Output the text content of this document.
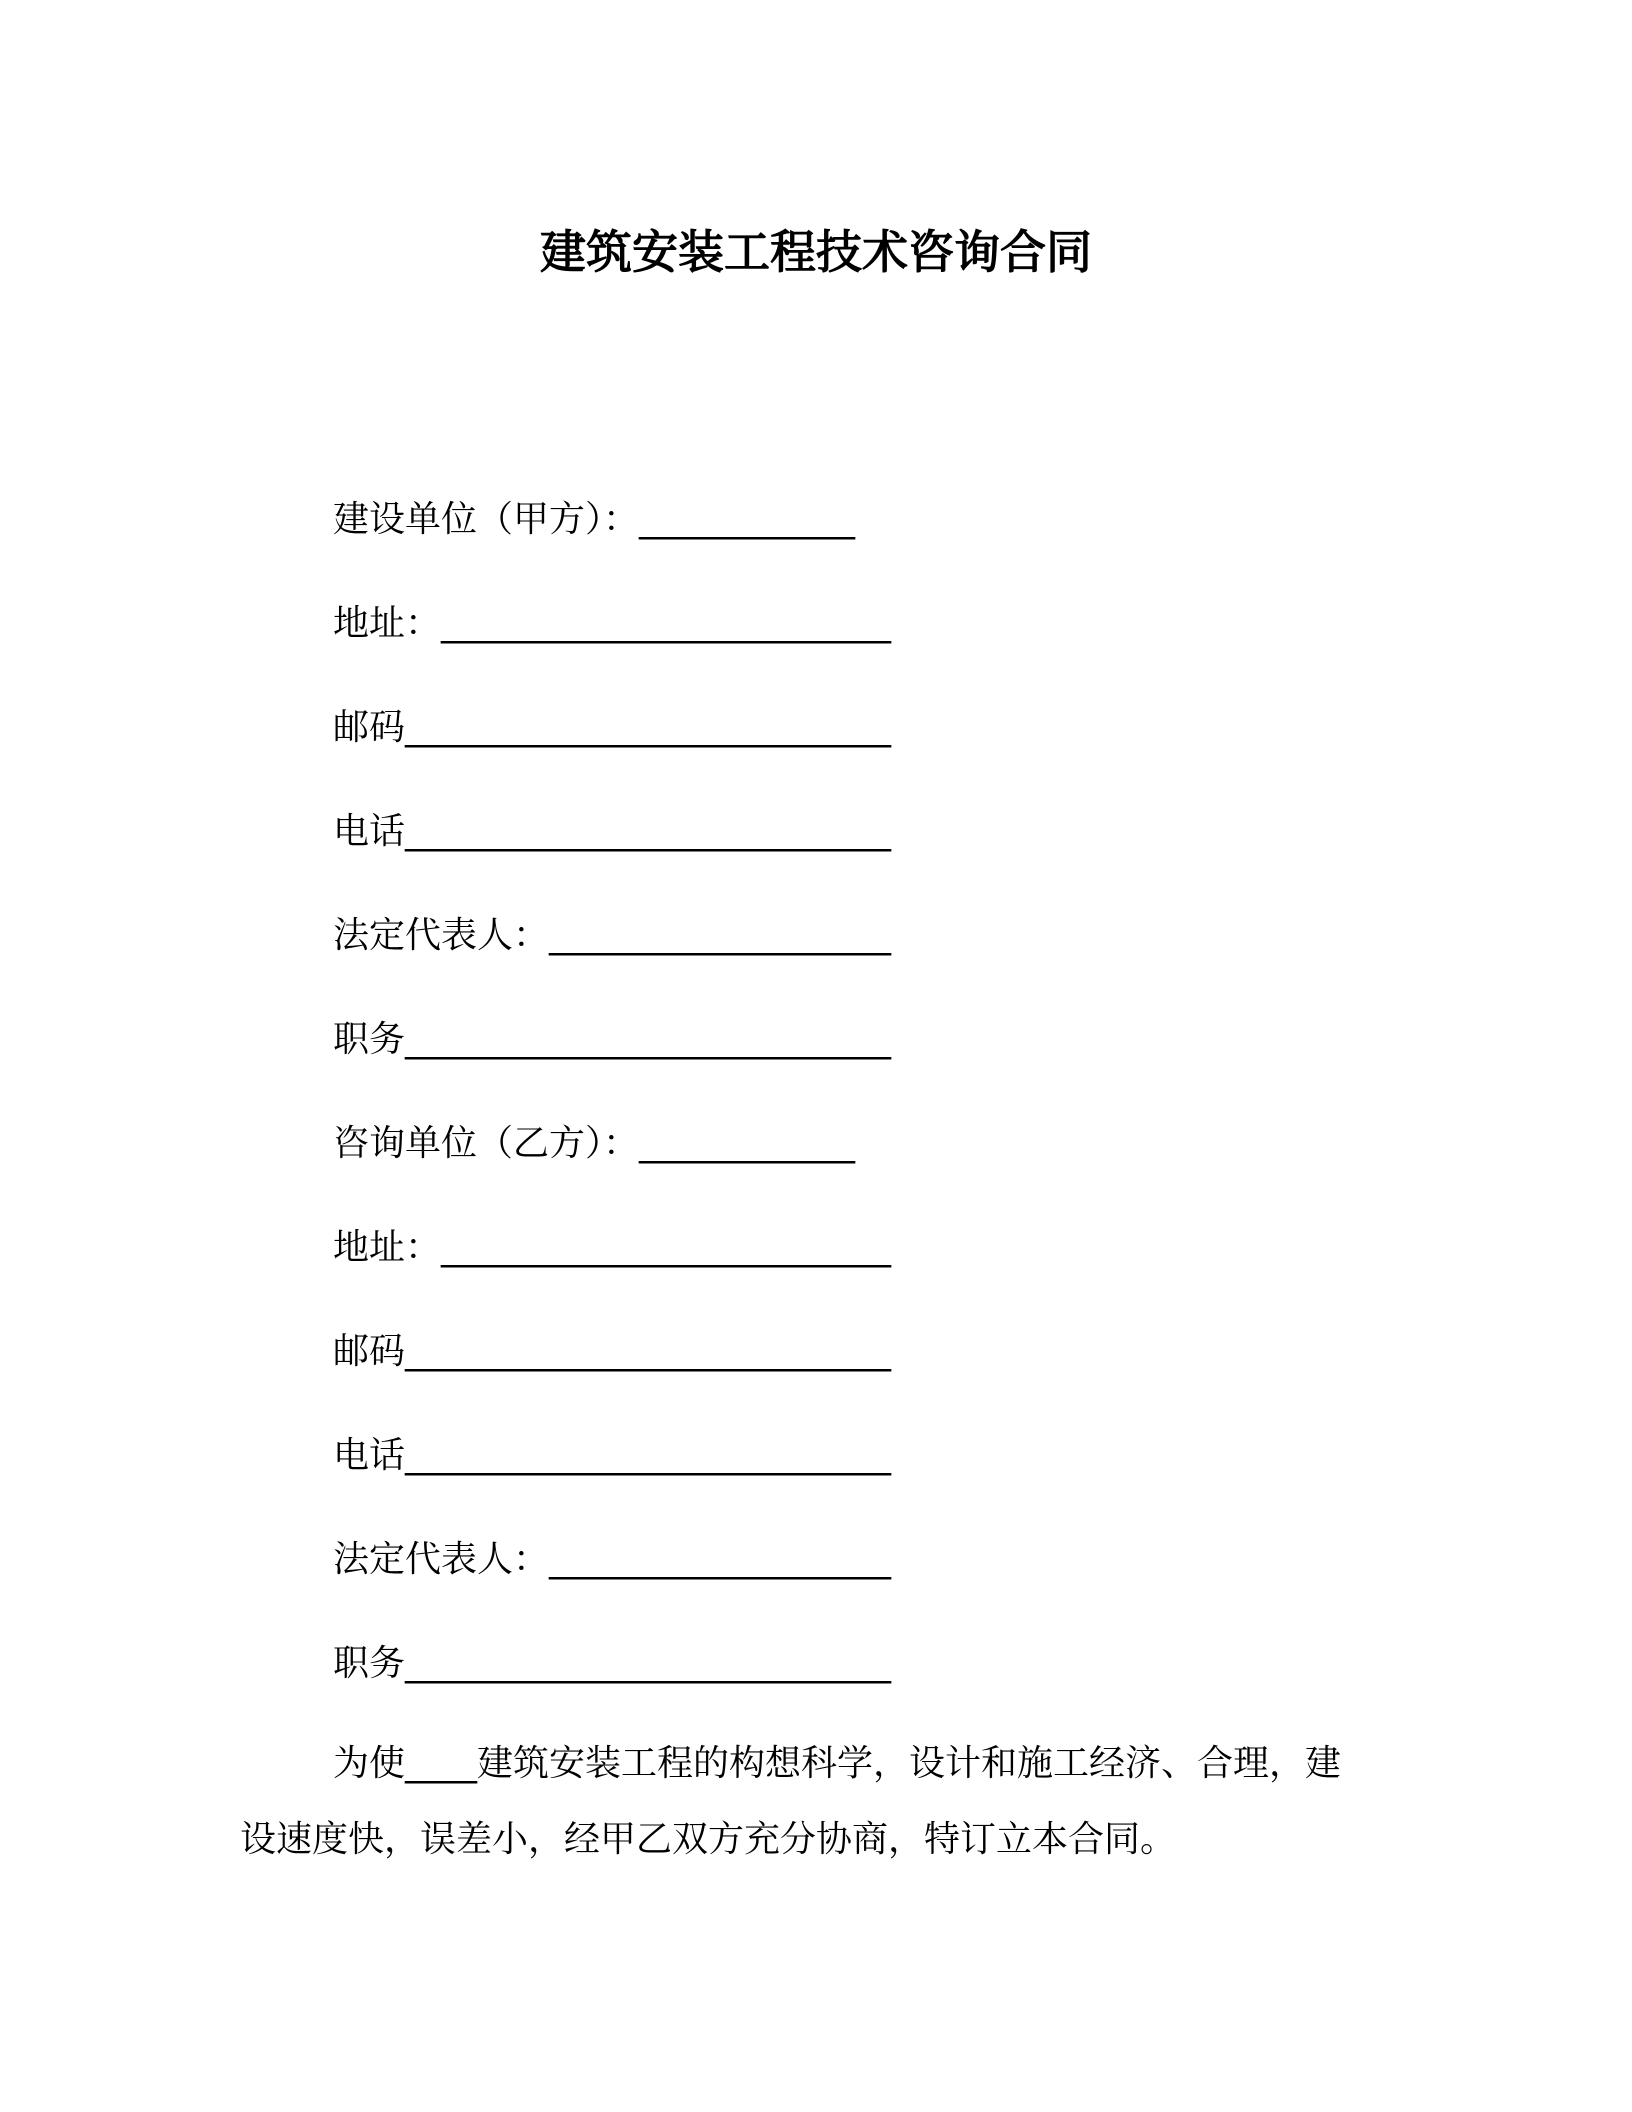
建筑安装工程技术咨询合同
建设单位（甲方）：____________
地址：_________________________
邮码___________________________
电话___________________________
法定代表人：___________________
职务___________________________
咨询单位（乙方）：____________
地址：_________________________
邮码___________________________
电话___________________________
法定代表人：___________________
职务___________________________
为使____建筑安装工程的构想科学，设计和施工经济、合理，建
设速度快，误差小，经甲乙双方充分协商，特订立本合同。
